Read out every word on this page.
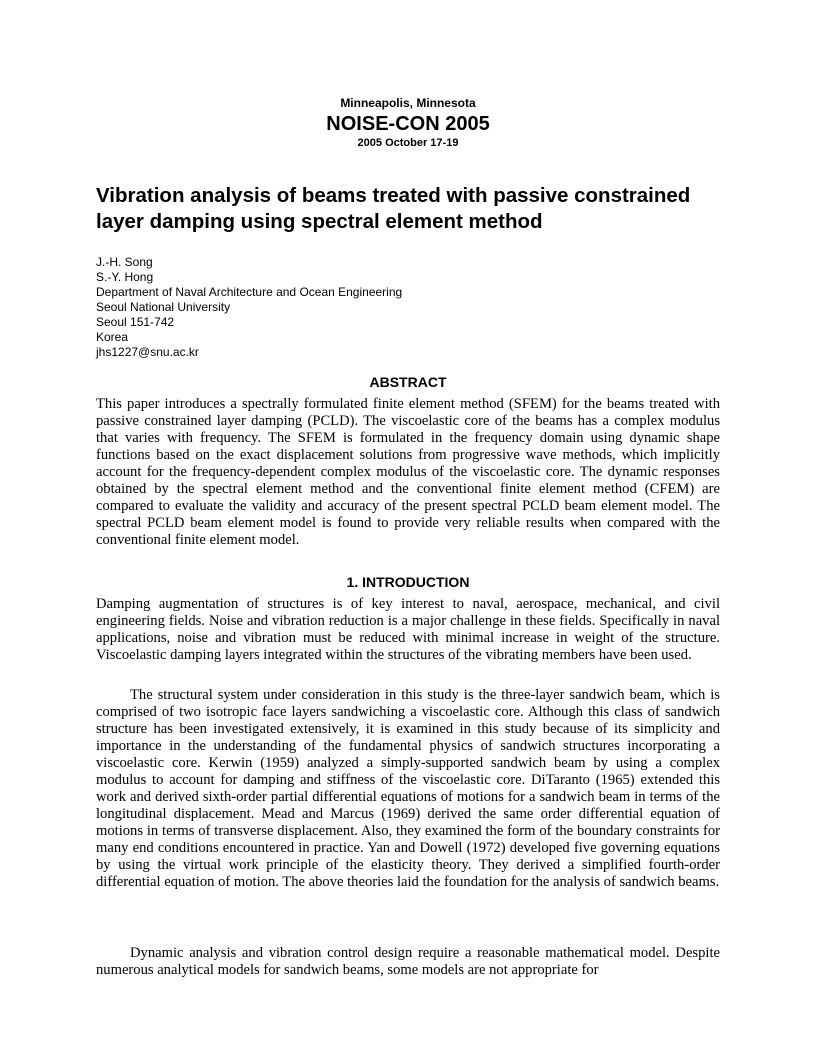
Minneapolis, Minnesota
NOISE-CON 2005
2005 October 17-19
Vibration analysis of beams treated with passive constrained layer damping using spectral element method
J.-H. Song
S.-Y. Hong
Department of Naval Architecture and Ocean Engineering
Seoul National University
Seoul 151-742
Korea
jhs1227@snu.ac.kr
ABSTRACT

This paper introduces a spectrally formulated finite element method (SFEM) for the beams treated with passive constrained layer damping (PCLD). The viscoelastic core of the beams has a complex modulus that varies with frequency. The SFEM is formulated in the frequency domain using dynamic shape functions based on the exact displacement solutions from progressive wave methods, which implicitly account for the frequency-dependent complex modulus of the viscoelastic core. The dynamic responses obtained by the spectral element method and the conventional finite element method (CFEM) are compared to evaluate the validity and accuracy of the present spectral PCLD beam element model. The spectral PCLD beam element model is found to provide very reliable results when compared with the conventional finite element model.

1. INTRODUCTION

Damping augmentation of structures is of key interest to naval, aerospace, mechanical, and civil engineering fields. Noise and vibration reduction is a major challenge in these fields. Specifically in naval applications, noise and vibration must be reduced with minimal increase in weight of the structure. Viscoelastic damping layers integrated within the structures of the vibrating members have been used.

The structural system under consideration in this study is the three-layer sandwich beam, which is comprised of two isotropic face layers sandwiching a viscoelastic core. Although this class of sandwich structure has been investigated extensively, it is examined in this study because of its simplicity and importance in the understanding of the fundamental physics of sandwich structures incorporating a viscoelastic core. Kerwin (1959) analyzed a simply-supported sandwich beam by using a complex modulus to account for damping and stiffness of the viscoelastic core. DiTaranto (1965) extended this work and derived sixth-order partial differential equations of motions for a sandwich beam in terms of the longitudinal displacement. Mead and Marcus (1969) derived the same order differential equation of motions in terms of transverse displacement. Also, they examined the form of the boundary constraints for many end conditions encountered in practice. Yan and Dowell (1972) developed five governing equations by using the virtual work principle of the elasticity theory. They derived a simplified fourth-order differential equation of motion. The above theories laid the foundation for the analysis of sandwich beams.

Dynamic analysis and vibration control design require a reasonable mathematical model. Despite numerous analytical models for sandwich beams, some models are not appropriate for
